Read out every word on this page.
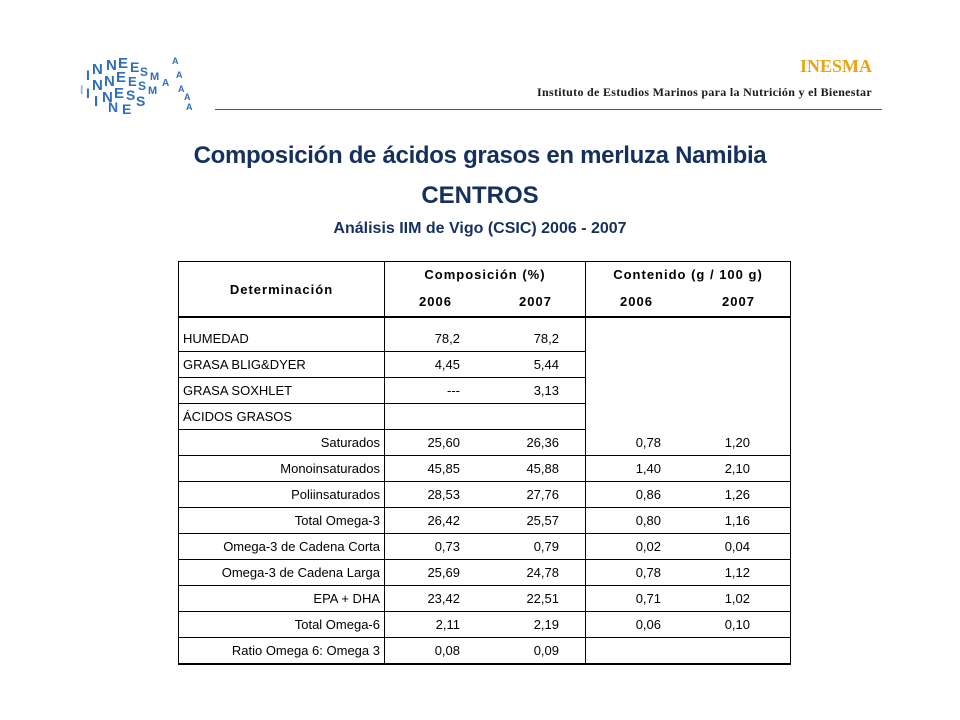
I
I
I
N
N
I
N
N
N
E
E
E
N
E
E
S
E
S
S
S
M
M
A
A
A
A
A
A
INESMA
Instituto de Estudios Marinos para la Nutrición y el Bienestar
Composición de ácidos grasos en merluza Namibia
CENTROS
Análisis IIM de Vigo (CSIC) 2006 - 2007
Determinación	Composición (%)		Contenido (g / 100 g)	
	2006	2007	2006	2007

HUMEDAD	78,2	78,2		
GRASA BLIG&DYER	4,45	5,44		
GRASA SOXHLET	---	3,13		
ÁCIDOS GRASOS				
Saturados	25,60	26,36	0,78	1,20
Monoinsaturados	45,85	45,88	1,40	2,10
Poliinsaturados	28,53	27,76	0,86	1,26
Total Omega-3	26,42	25,57	0,80	1,16
Omega-3 de Cadena Corta	0,73	0,79	0,02	0,04
Omega-3 de Cadena Larga	25,69	24,78	0,78	1,12
EPA + DHA	23,42	22,51	0,71	1,02
Total Omega-6	2,11	2,19	0,06	0,10
Ratio Omega 6: Omega 3	0,08	0,09		
